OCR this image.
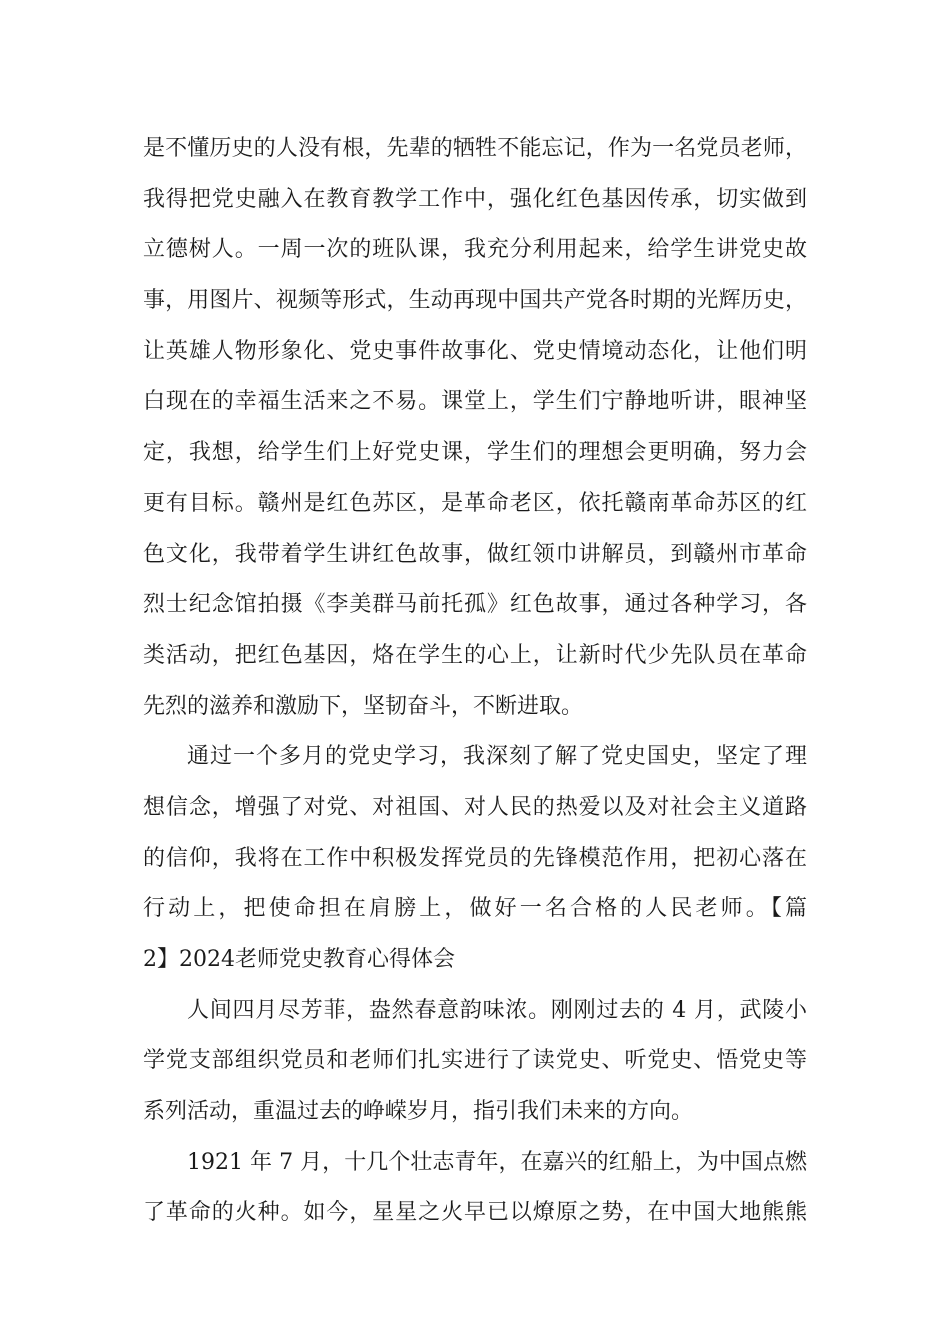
是不懂历史的人没有根，先辈的牺牲不能忘记，作为一名党员老师，
我得把党史融入在教育教学工作中，强化红色基因传承，切实做到
立德树人。一周一次的班队课，我充分利用起来，给学生讲党史故
事，用图片、视频等形式，生动再现中国共产党各时期的光辉历史，
让英雄人物形象化、党史事件故事化、党史情境动态化，让他们明
白现在的幸福生活来之不易。课堂上，学生们宁静地听讲，眼神坚
定，我想，给学生们上好党史课，学生们的理想会更明确，努力会
更有目标。赣州是红色苏区，是革命老区，依托赣南革命苏区的红
色文化，我带着学生讲红色故事，做红领巾讲解员，到赣州市革命
烈士纪念馆拍摄《李美群马前托孤》红色故事，通过各种学习，各
类活动，把红色基因，烙在学生的心上，让新时代少先队员在革命
先烈的滋养和激励下，坚韧奋斗，不断进取。
通过一个多月的党史学习，我深刻了解了党史国史，坚定了理
想信念，增强了对党、对祖国、对人民的热爱以及对社会主义道路
的信仰，我将在工作中积极发挥党员的先锋模范作用，把初心落在
行动上，把使命担在肩膀上，做好一名合格的人民老师。【篇
2】2024老师党史教育心得体会
人间四月尽芳菲，盎然春意韵味浓。刚刚过去的 4 月，武陵小
学党支部组织党员和老师们扎实进行了读党史、听党史、悟党史等
系列活动，重温过去的峥嵘岁月，指引我们未来的方向。
1921 年 7 月，十几个壮志青年，在嘉兴的红船上，为中国点燃
了革命的火种。如今，星星之火早已以燎原之势，在中国大地熊熊
